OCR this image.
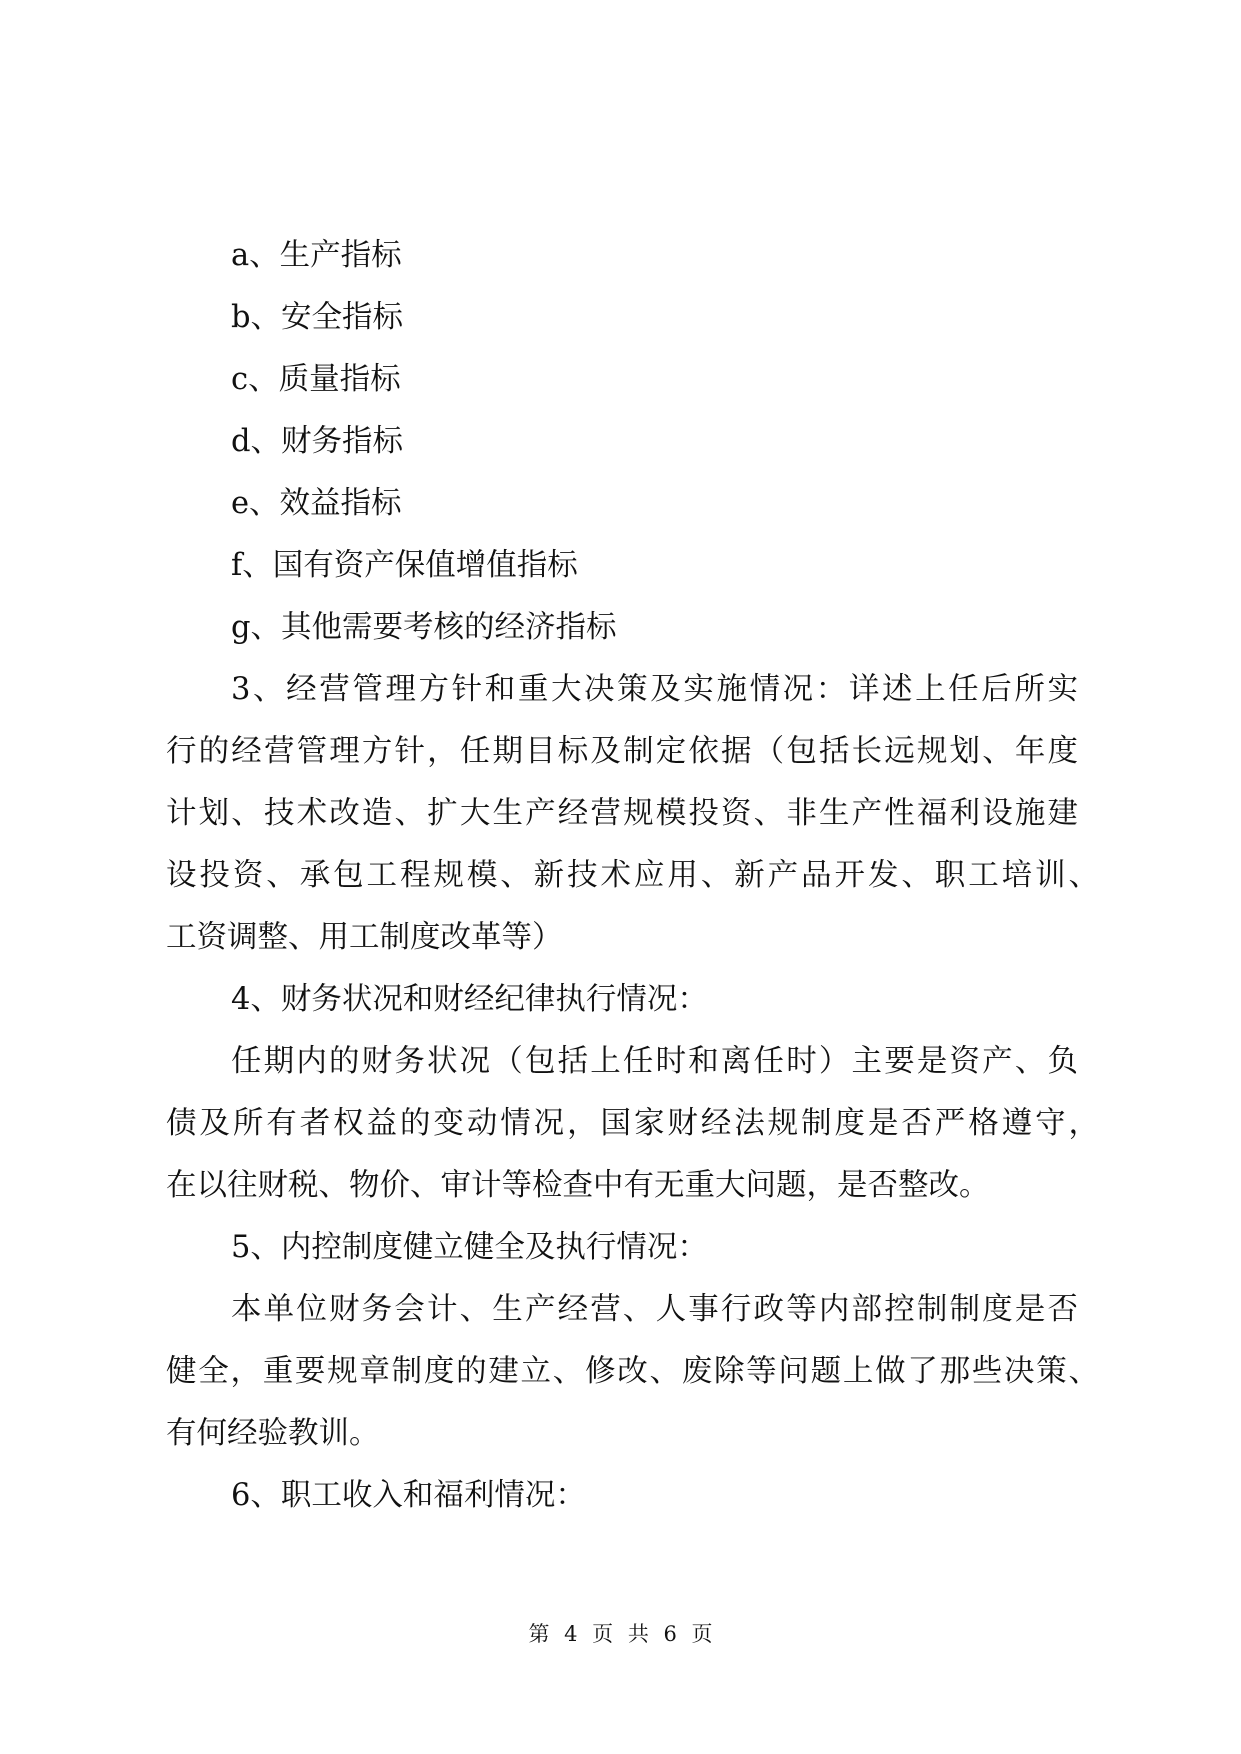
a、生产指标
b、安全指标
c、质量指标
d、财务指标
e、效益指标
f、国有资产保值增值指标
g、其他需要考核的经济指标
3、经营管理方针和重大决策及实施情况：详述上任后所实
行的经营管理方针，任期目标及制定依据（包括长远规划、年度
计划、技术改造、扩大生产经营规模投资、非生产性福利设施建
设投资、承包工程规模、新技术应用、新产品开发、职工培训、
工资调整、用工制度改革等）
4、财务状况和财经纪律执行情况：
任期内的财务状况（包括上任时和离任时）主要是资产、负
债及所有者权益的变动情况，国家财经法规制度是否严格遵守，
在以往财税、物价、审计等检查中有无重大问题，是否整改。
5、内控制度健立健全及执行情况：
本单位财务会计、生产经营、人事行政等内部控制制度是否
健全，重要规章制度的建立、修改、废除等问题上做了那些决策、
有何经验教训。
6、职工收入和福利情况：
第 4 页 共 6 页
